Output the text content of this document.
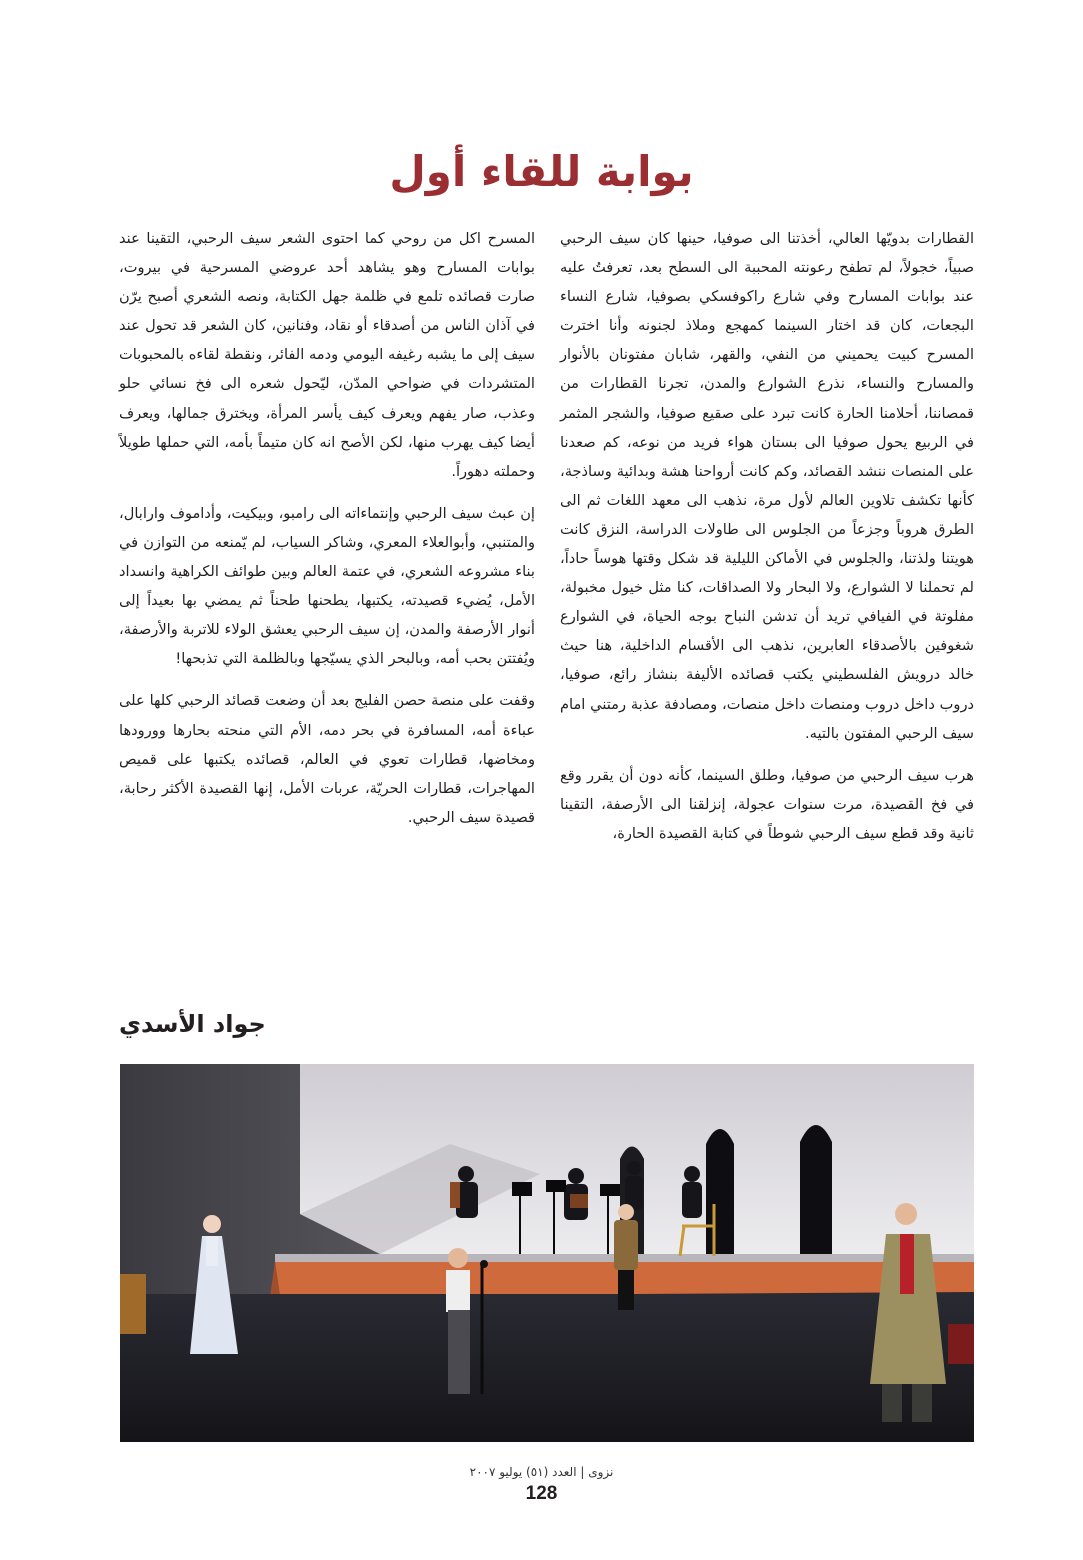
بوابة للقاء أول

القطارات بدويّها العالي، أخذتنا الى صوفيا، حينها كان سيف الرحبي صبياً، خجولاً، لم تطفح رعونته المحببة الى السطح بعد، تعرفتُ عليه عند بوابات المسارح وفي شارع راكوفسكي بصوفيا، شارع النساء البجعات، كان قد اختار السينما كمهجع وملاذ لجنونه وأنا اخترت المسرح كبيت يحميني من النفي، والقهر، شابان مفتونان بالأنوار والمسارح والنساء، نذرع الشوارع والمدن، تجرنا القطارات من قمصاننا، أحلامنا الحارة كانت تبرد على صقيع صوفيا، والشجر المثمر في الربيع يحول صوفيا الى بستان هواء فريد من نوعه، كم صعدنا على المنصات ننشد القصائد، وكم كانت أرواحنا هشة وبدائية وساذجة، كأنها تكشف تلاوين العالم لأول مرة، نذهب الى معهد اللغات ثم الى الطرق هروباً وجزعاً من الجلوس الى طاولات الدراسة، النزق كانت هويتنا ولذتنا، والجلوس في الأماكن الليلية قد شكل وقتها هوساً حاداً، لم تحملنا لا الشوارع، ولا البحار ولا الصداقات، كنا مثل خيول مخبولة، مفلوتة في الفيافي تريد أن تدشن النباح بوجه الحياة، في الشوارع شغوفين بالأصدقاء العابرين، نذهب الى الأقسام الداخلية، هنا حيث خالد درويش الفلسطيني يكتب قصائده الأليفة بنشاز رائع، صوفيا، دروب داخل دروب ومنصات داخل منصات، ومصادفة عذبة رمتني امام سيف الرحبي المفتون بالتيه.

هرب سيف الرحبي من صوفيا، وطلق السينما، كأنه دون أن يقرر وقع في فخ القصيدة، مرت سنوات عجولة، إنزلقنا الى الأرصفة، التقينا ثانية وقد قطع سيف الرحبي شوطاً في كتابة القصيدة الحارة،

المسرح اكل من روحي كما احتوى الشعر سيف الرحبي، التقينا عند بوابات المسارح وهو يشاهد أحد عروضي المسرحية في بيروت، صارت قصائده تلمع في ظلمة جهل الكتابة، ونصه الشعري أصبح يرّن في آذان الناس من أصدقاء أو نقاد، وفنانين، كان الشعر قد تحول عند سيف إلى ما يشبه رغيفه اليومي ودمه الفائر، ونقطة لقاءه بالمحبوبات المتشردات في ضواحي المدّن، ليّحول شعره الى فخ نسائي حلو وعذب، صار يفهم ويعرف كيف يأسر المرأة، ويخترق جمالها، ويعرف أيضا كيف يهرب منها، لكن الأصح انه كان متيماً بأمه، التي حملها طويلاً وحملته دهوراً.

إن عبث سيف الرحبي وإنتماءاته الى رامبو، وبيكيت، وأداموف وارابال، والمتنبي، وأبوالعلاء المعري، وشاكر السياب، لم يّمنعه من التوازن في بناء مشروعه الشعري، في عتمة العالم وبين طوائف الكراهية وانسداد الأمل، يُضيء قصيدته، يكتبها، يطحنها طحناً ثم يمضي بها بعيداً إلى أنوار الأرصفة والمدن، إن سيف الرحبي يعشق الولاء للاتربة والأرصفة، ويُفتتن بحب أمه، وبالبحر الذي يسيّجها وبالظلمة التي تذبحها!

وقفت على منصة حصن الفليج بعد أن وضعت قصائد الرحبي كلها على عباءة أمه، المسافرة في بحر دمه، الأم التي منحته بحارها وورودها ومخاضها، قطارات تعوي في العالم، قصائده يكتبها على قميص المهاجرات، قطارات الحريّة، عربات الأمل، إنها القصيدة الأكثر رحابة، قصيدة سيف الرحبي.

جواد الأسدي
نزوى | العدد (٥١) يوليو ٢٠٠٧
128
